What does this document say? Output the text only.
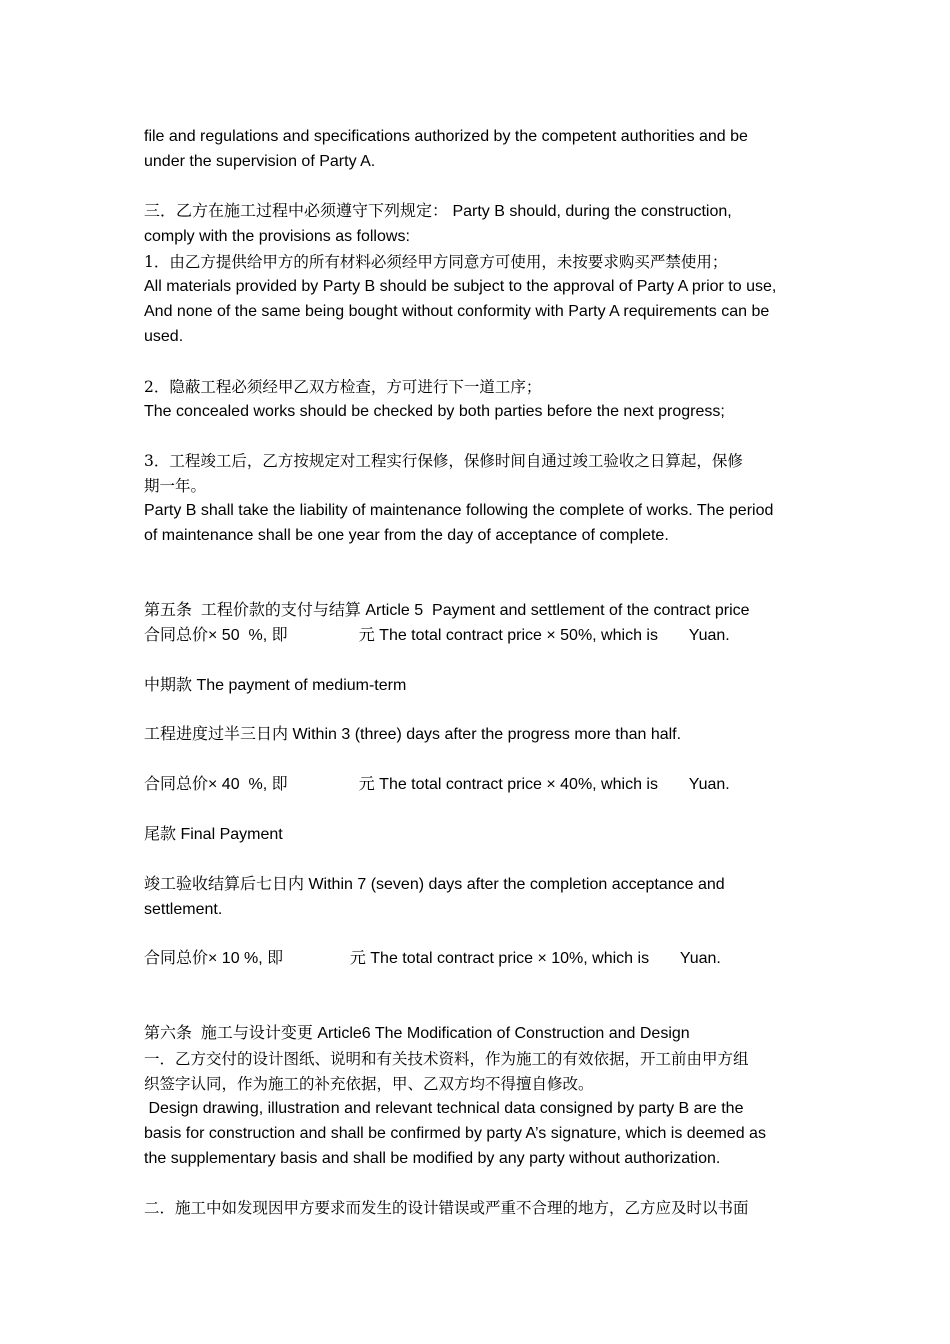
file and regulations and specifications authorized by the competent authorities and be
under the supervision of Party A.
三．乙方在施工过程中必须遵守下列规定： Party B should, during the construction,
comply with the provisions as follows:
1．由乙方提供给甲方的所有材料必须经甲方同意方可使用，未按要求购买严禁使用；
All materials provided by Party B should be subject to the approval of Party A prior to use,
And none of the same being bought without conformity with Party A requirements can be
used.
2．隐蔽工程必须经甲乙双方检查，方可进行下一道工序；
The concealed works should be checked by both parties before the next progress;
3．工程竣工后，乙方按规定对工程实行保修，保修时间自通过竣工验收之日算起，保修
期一年。
Party B shall take the liability of maintenance following the complete of works. The period
of maintenance shall be one year from the day of acceptance of complete.
第五条  工程价款的支付与结算 Article 5  Payment and settlement of the contract price
合同总价× 50  %, 即                元 The total contract price × 50%, which is       Yuan.
中期款 The payment of medium-term
工程进度过半三日内 Within 3 (three) days after the progress more than half.
合同总价× 40  %, 即                元 The total contract price × 40%, which is       Yuan.
尾款 Final Payment
竣工验收结算后七日内 Within 7 (seven) days after the completion acceptance and
settlement.
合同总价× 10 %, 即               元 The total contract price × 10%, which is       Yuan.
第六条  施工与设计变更 Article6 The Modification of Construction and Design
一．乙方交付的设计图纸、说明和有关技术资料，作为施工的有效依据，开工前由甲方组
织签字认同，作为施工的补充依据，甲、乙双方均不得擅自修改。
Design drawing, illustration and relevant technical data consigned by party B are the
basis for construction and shall be confirmed by party A’s signature, which is deemed as
the supplementary basis and shall be modified by any party without authorization.
二．施工中如发现因甲方要求而发生的设计错误或严重不合理的地方，乙方应及时以书面
